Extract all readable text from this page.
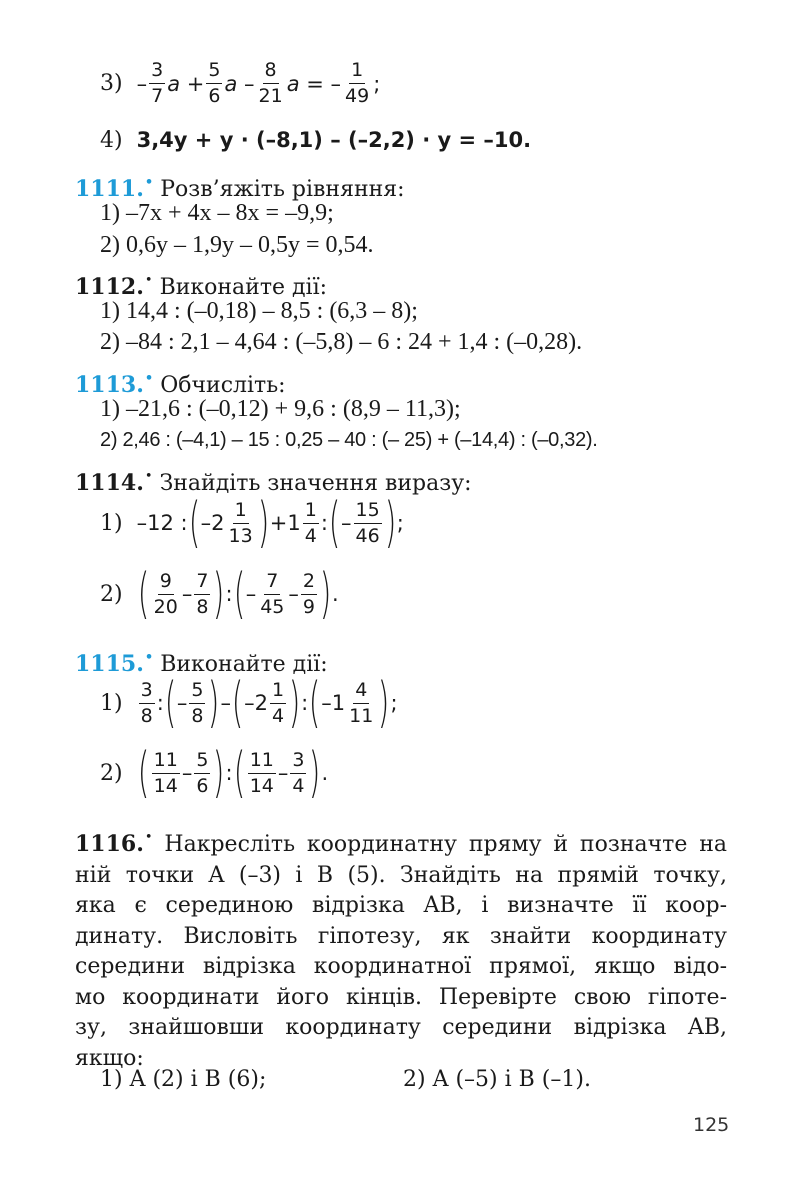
$3) - \frac{3}{7}$ $a + \frac{5}{6}$ a – $\frac{8}{21}$ a = – $\frac{1}{49}$ ;
4) 3,4y + y · (–8,1) – (–2,2) · y = –10.
1111.• Розв’яжіть рівняння:
1) –7x + 4x – 8x = –9,9;
2) 0,6y – 1,9y – 0,5y = 0,54.
1112.• Виконайте дії:
1) 14,4 : (–0,18) – 8,5 : (6,3 – 8);
2) –84 : 2,1 – 4,64 : (–5,8) – 6 : 24 + 1,4 : (–0,28).
1113.• Обчисліть:
1) –21,6 : (–0,12) + 9,6 : (8,9 – 11,3);
2) 2,46 : (–4,1) – 15 : 0,25 – 40 : (– 25) + (–14,4) : (–0,32).
1114.• Знайдіть значення виразу:
1) –12 : ( $-2 \frac{1}{13}$ ) $+1 \frac{1}{4}$ : ( – $\frac{15}{46}$ ) ;
2) ( $\frac{9}{20} - \frac{7}{8}$ ) : ( – $\frac{7}{45} - \frac{2}{9}$ ) .
1115.• Виконайте дії:
$1) \frac{3}{8}$ : ( – $\frac{5}{8}$ ) – ( $-2 \frac{1}{4}$ ) : ( $-1 \frac{4}{11}$ ) ;
2) ( $\frac{11}{14} - \frac{5}{6}$ ) : ( $\frac{11}{14} - \frac{3}{4}$ ) .
1116.• Накресліть координатну пряму й позначте на
ній точки A (–3) і B (5). Знайдіть на прямій точку,
яка є серединою відрізка AB, і визначте її коор-
динату. Висловіть гіпотезу, як знайти координату
середини відрізка координатної прямої, якщо відо-
мо координати його кінців. Перевірте свою гіпоте-
зу, знайшовши координату середини відрізка AB,
якщо:
1) A (2) і B (6);	2) A (–5) і B (–1).
125
